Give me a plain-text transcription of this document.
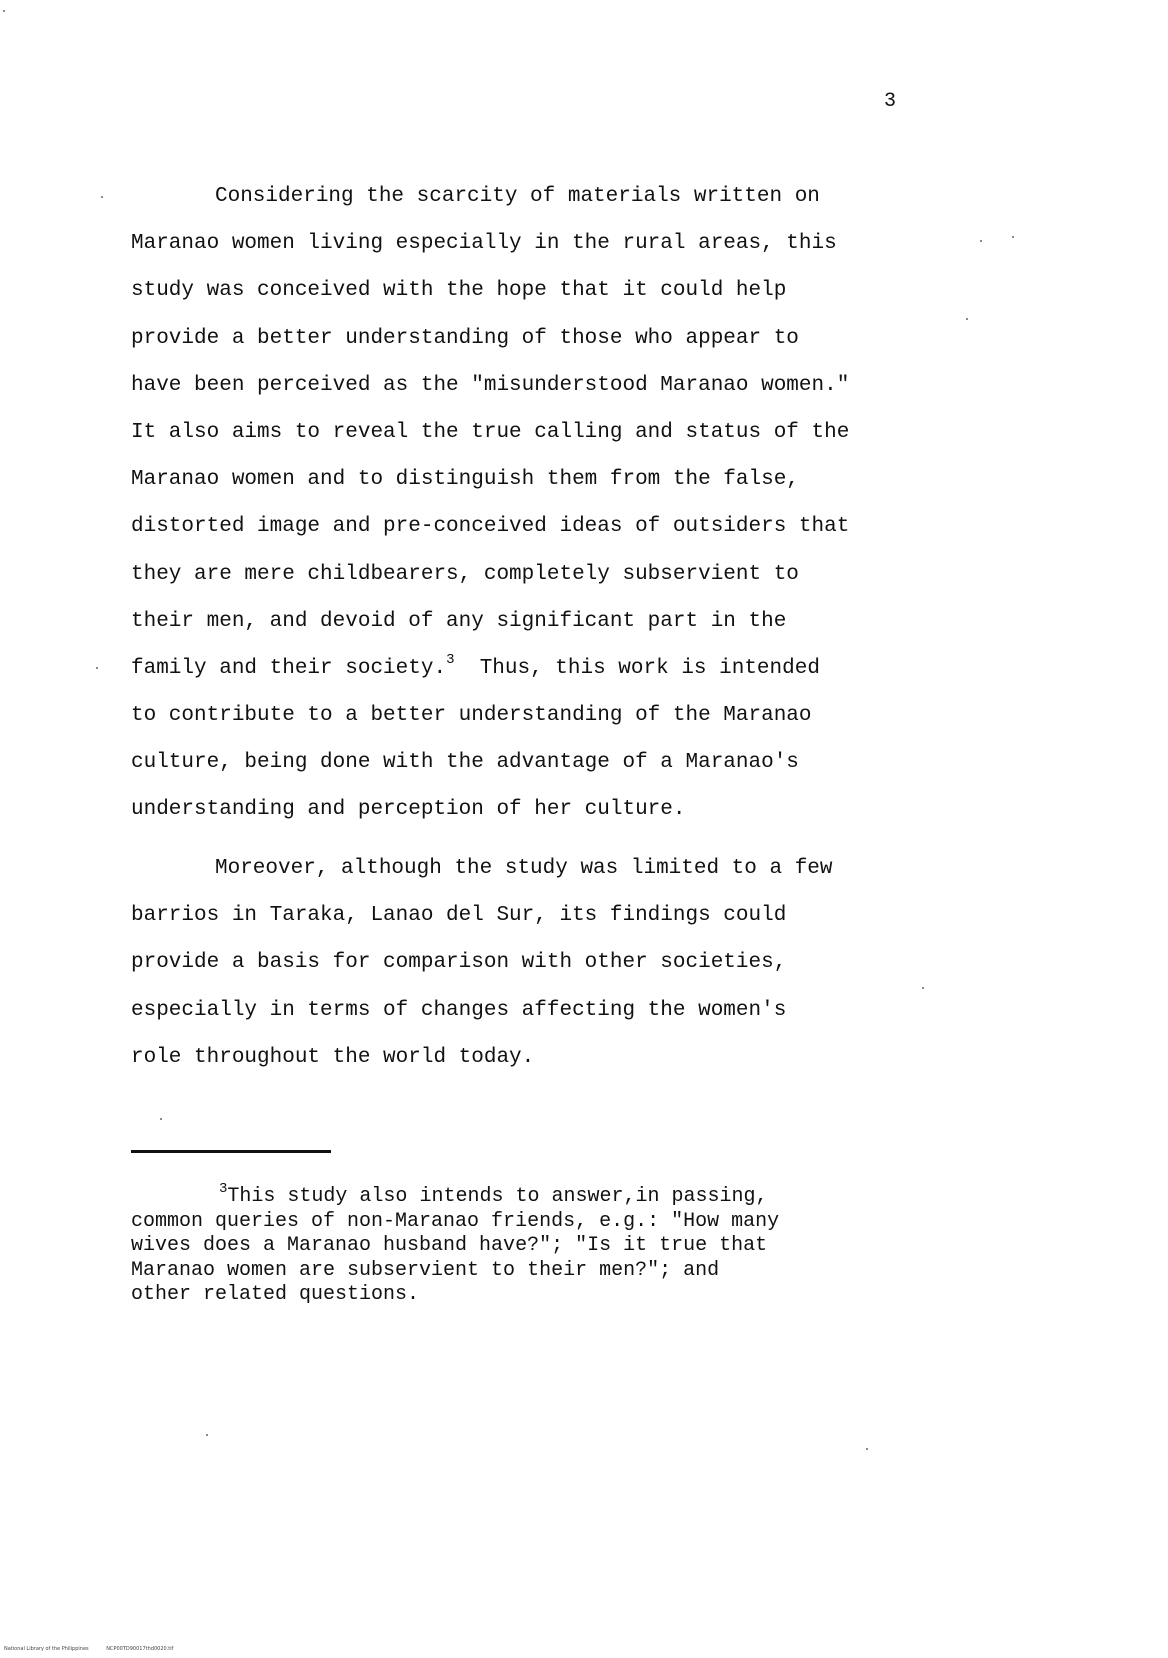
3

Considering the scarcity of materials written on
Maranao women living especially in the rural areas, this
study was conceived with the hope that it could help
provide a better understanding of those who appear to
have been perceived as the "misunderstood Maranao women."
It also aims to reveal the true calling and status of the
Maranao women and to distinguish them from the false,
distorted image and pre-conceived ideas of outsiders that
they are mere childbearers, completely subservient to
their men, and devoid of any significant part in the
family and their society.$^3$ Thus, this work is intended
to contribute to a better understanding of the Maranao
culture, being done with the advantage of a Maranao's
understanding and perception of her culture.

Moreover, although the study was limited to a few
barrios in Taraka, Lanao del Sur, its findings could
provide a basis for comparison with other societies,
especially in terms of changes affecting the women's
role throughout the world today.

$^3$This study also intends to answer,in passing,
common queries of non-Maranao friends, e.g.: "How many
wives does a Maranao husband have?"; "Is it true that
Maranao women are subservient to their men?"; and
other related questions.

National Library of the Philippines	NCP00TD90017thd0020.tif
